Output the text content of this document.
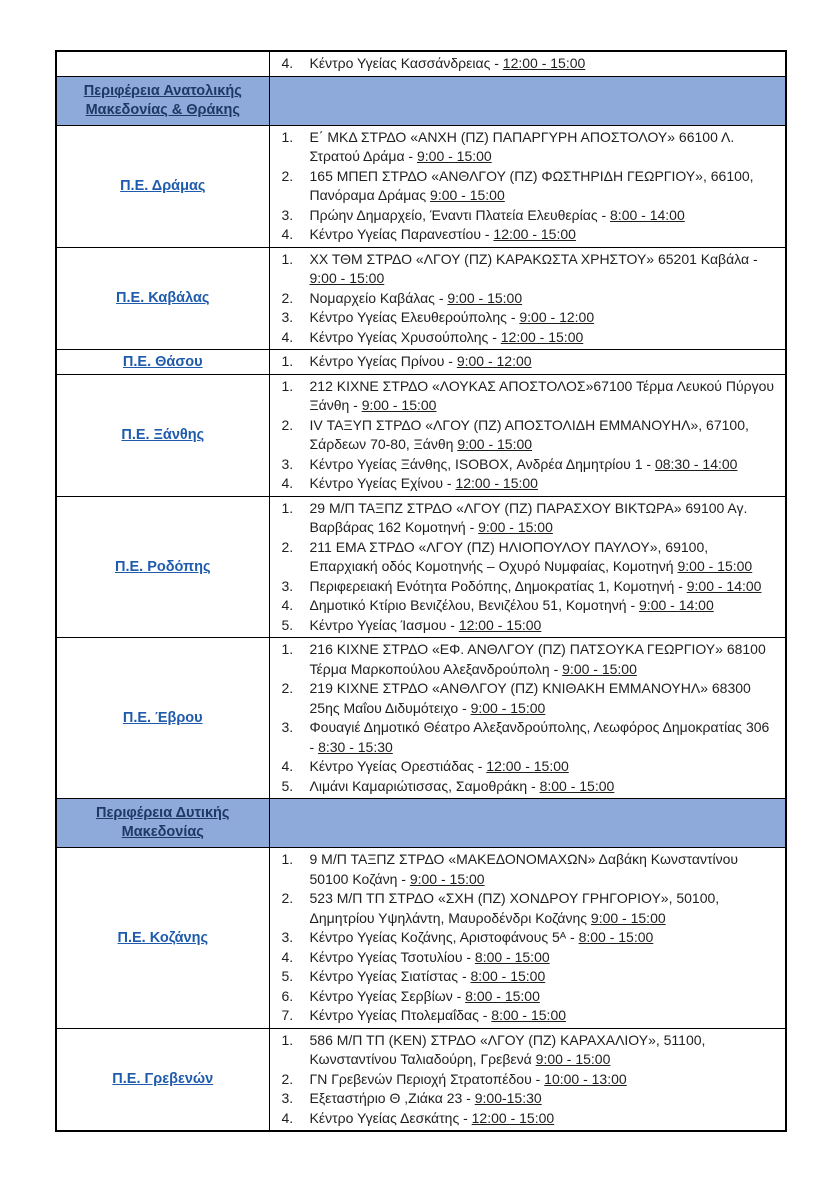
	4. Κέντρο Υγείας Κασσάνδρειας - 12:00 - 15:00

Περιφέρεια Ανατολικής Μακεδονίας & Θράκης	
Π.Ε. Δράμας	
1.	Ε΄ ΜΚΔ ΣΤΡΔΟ «ΑΝΧΗ (ΠΖ) ΠΑΠΑΡΓΥΡΗ ΑΠΟΣΤΟΛΟΥ» 66100 Λ. Στρατού Δράμα - 9:00 - 15:00
2.	165 ΜΠΕΠ ΣΤΡΔΟ «ΑΝΘΛΓΟΥ (ΠΖ) ΦΩΣΤΗΡΙΔΗ ΓΕΩΡΓΙΟΥ», 66100, Πανόραμα Δράμας 9:00 - 15:00
3.	Πρώην Δημαρχείο, Έναντι Πλατεία Ελευθερίας - 8:00 - 14:00
4.	Κέντρο Υγείας Παρανεστίου - 12:00 - 15:00

Π.Ε. Καβάλας	
1.	ΧΧ ΤΘΜ ΣΤΡΔΟ «ΛΓΟΥ (ΠΖ) ΚΑΡΑΚΩΣΤΑ ΧΡΗΣΤΟΥ» 65201 Καβάλα - 9:00 - 15:00
2.	Νομαρχείο Καβάλας - 9:00 - 15:00
3.	Κέντρο Υγείας Ελευθερούπολης - 9:00 - 12:00
4.	Κέντρο Υγείας Χρυσούπολης - 12:00 - 15:00

Π.Ε. Θάσου	1. Κέντρο Υγείας Πρίνου - 9:00 - 12:00

Π.Ε. Ξάνθης	
1.	212 ΚΙΧΝΕ ΣΤΡΔΟ «ΛΟΥΚΑΣ ΑΠΟΣΤΟΛΟΣ»67100 Τέρμα Λευκού Πύργου Ξάνθη - 9:00 - 15:00
2.	IV ΤΑΞΥΠ ΣΤΡΔΟ «ΛΓΟΥ (ΠΖ) ΑΠΟΣΤΟΛΙΔΗ ΕΜΜΑΝΟΥΗΛ», 67100, Σάρδεων 70-80, Ξάνθη 9:00 - 15:00
3.	Κέντρο Υγείας Ξάνθης, ISOBOX, Ανδρέα Δημητρίου 1 - 08:30 - 14:00
4.	Κέντρο Υγείας Εχίνου - 12:00 - 15:00

Π.Ε. Ροδόπης	
1.	29 Μ/Π ΤΑΞΠΖ ΣΤΡΔΟ «ΛΓΟΥ (ΠΖ) ΠΑΡΑΣΧΟΥ ΒΙΚΤΩΡΑ» 69100 Αγ. Βαρβάρας 162 Κομοτηνή - 9:00 - 15:00
2.	211 ΕΜΑ ΣΤΡΔΟ «ΛΓΟΥ (ΠΖ) ΗΛΙΟΠΟΥΛΟΥ ΠΑΥΛΟΥ», 69100, Επαρχιακή οδός Κομοτηνής – Οχυρό Νυμφαίας, Κομοτηνή 9:00 - 15:00
3.	Περιφερειακή Ενότητα Ροδόπης, Δημοκρατίας 1, Κομοτηνή - 9:00 - 14:00
4.	Δημοτικό Κτίριο Βενιζέλου, Βενιζέλου 51, Κομοτηνή - 9:00 - 14:00
5.	Κέντρο Υγείας Ίασμου - 12:00 - 15:00

Π.Ε. Έβρου	
1.	216 ΚΙΧΝΕ ΣΤΡΔΟ «ΕΦ. ΑΝΘΛΓΟΥ (ΠΖ) ΠΑΤΣΟΥΚΑ ΓΕΩΡΓΙΟΥ» 68100 Τέρμα Μαρκοπούλου Αλεξανδρούπολη - 9:00 - 15:00
2.	219 ΚΙΧΝΕ ΣΤΡΔΟ «ΑΝΘΛΓΟΥ (ΠΖ) ΚΝΙΘΑΚΗ ΕΜΜΑΝΟΥΗΛ» 68300 25ης Μαΐου Διδυμότειχο - 9:00 - 15:00
3.	Φουαγιέ Δημοτικό Θέατρο Αλεξανδρούπολης, Λεωφόρος Δημοκρατίας 306 - 8:30 - 15:30
4.	Κέντρο Υγείας Ορεστιάδας - 12:00 - 15:00
5.	Λιμάνι Καμαριώτισσας, Σαμοθράκη - 8:00 - 15:00

Περιφέρεια Δυτικής Μακεδονίας	
Π.Ε. Κοζάνης	
1.	9 Μ/Π ΤΑΞΠΖ ΣΤΡΔΟ «ΜΑΚΕΔΟΝΟΜΑΧΩΝ» Δαβάκη Κωνσταντίνου 50100 Κοζάνη - 9:00 - 15:00
2.	523 Μ/Π ΤΠ ΣΤΡΔΟ «ΣΧΗ (ΠΖ) ΧΟΝΔΡΟΥ ΓΡΗΓΟΡΙΟΥ», 50100, Δημητρίου Υψηλάντη, Μαυροδένδρι Κοζάνης 9:00 - 15:00
3.	Κέντρο Υγείας Κοζάνης, Αριστοφάνους 5ᴬ - 8:00 - 15:00
4.	Κέντρο Υγείας Τσοτυλίου - 8:00 - 15:00
5.	Κέντρο Υγείας Σιατίστας - 8:00 - 15:00
6.	Κέντρο Υγείας Σερβίων - 8:00 - 15:00
7.	Κέντρο Υγείας Πτολεμαΐδας - 8:00 - 15:00

Π.Ε. Γρεβενών	
1.	586 Μ/Π ΤΠ (ΚΕΝ) ΣΤΡΔΟ «ΛΓΟΥ (ΠΖ) ΚΑΡΑΧΑΛΙΟΥ», 51100, Κωνσταντίνου Ταλιαδούρη, Γρεβενά 9:00 - 15:00
2.	ΓΝ Γρεβενών Περιοχή Στρατοπέδου - 10:00 - 13:00
3.	Εξεταστήριο Θ ,Ζιάκα 23 - 9:00-15:30
4.	Κέντρο Υγείας Δεσκάτης - 12:00 - 15:00
